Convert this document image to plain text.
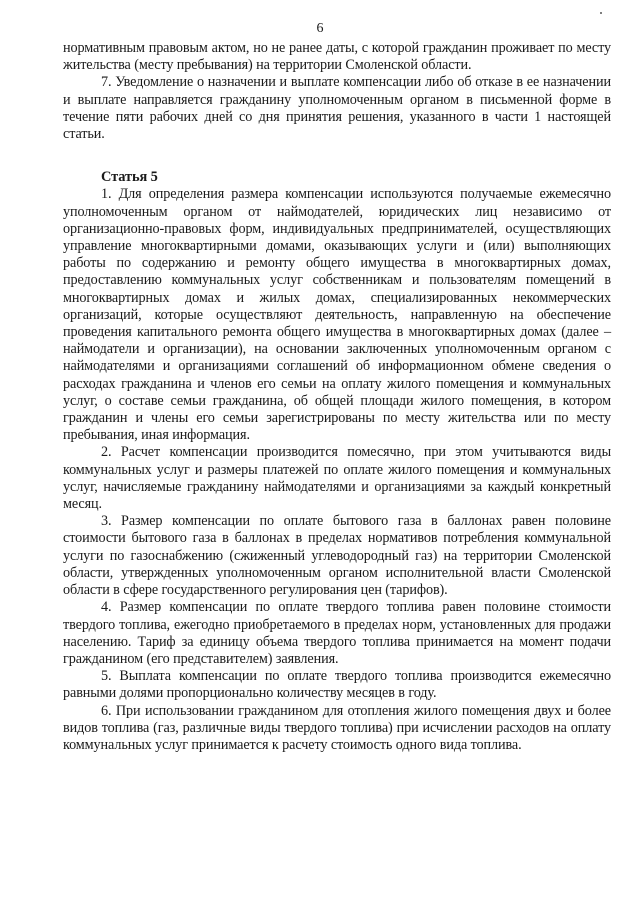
6

нормативным правовым актом, но не ранее даты, с которой гражданин проживает по месту жительства (месту пребывания) на территории Смоленской области.

7. Уведомление о назначении и выплате компенсации либо об отказе в ее назначении и выплате направляется гражданину уполномоченным органом в письменной форме в течение пяти рабочих дней со дня принятия решения, указанного в части 1 настоящей статьи.

Статья 5

1. Для определения размера компенсации используются получаемые ежемесячно уполномоченным органом от наймодателей, юридических лиц независимо от организационно-правовых форм, индивидуальных предпринимателей, осуществляющих управление многоквартирными домами, оказывающих услуги и (или) выполняющих работы по содержанию и ремонту общего имущества в многоквартирных домах, предоставлению коммунальных услуг собственникам и пользователям помещений в многоквартирных домах и жилых домах, специализированных некоммерческих организаций, которые осуществляют деятельность, направленную на обеспечение проведения капитального ремонта общего имущества в многоквартирных домах (далее – наймодатели и организации), на основании заключенных уполномоченным органом с наймодателями и организациями соглашений об информационном обмене сведения о расходах гражданина и членов его семьи на оплату жилого помещения и коммунальных услуг, о составе семьи гражданина, об общей площади жилого помещения, в котором гражданин и члены его семьи зарегистрированы по месту жительства или по месту пребывания, иная информация.

2. Расчет компенсации производится помесячно, при этом учитываются виды коммунальных услуг и размеры платежей по оплате жилого помещения и коммунальных услуг, начисляемые гражданину наймодателями и организациями за каждый конкретный месяц.

3. Размер компенсации по оплате бытового газа в баллонах равен половине стоимости бытового газа в баллонах в пределах нормативов потребления коммунальной услуги по газоснабжению (сжиженный углеводородный газ) на территории Смоленской области, утвержденных уполномоченным органом исполнительной власти Смоленской области в сфере государственного регулирования цен (тарифов).

4. Размер компенсации по оплате твердого топлива равен половине стоимости твердого топлива, ежегодно приобретаемого в пределах норм, установленных для продажи населению. Тариф за единицу объема твердого топлива принимается на момент подачи гражданином (его представителем) заявления.

5. Выплата компенсации по оплате твердого топлива производится ежемесячно равными долями пропорционально количеству месяцев в году.

6. При использовании гражданином для отопления жилого помещения двух и более видов топлива (газ, различные виды твердого топлива) при исчислении расходов на оплату коммунальных услуг принимается к расчету стоимость одного вида топлива.
